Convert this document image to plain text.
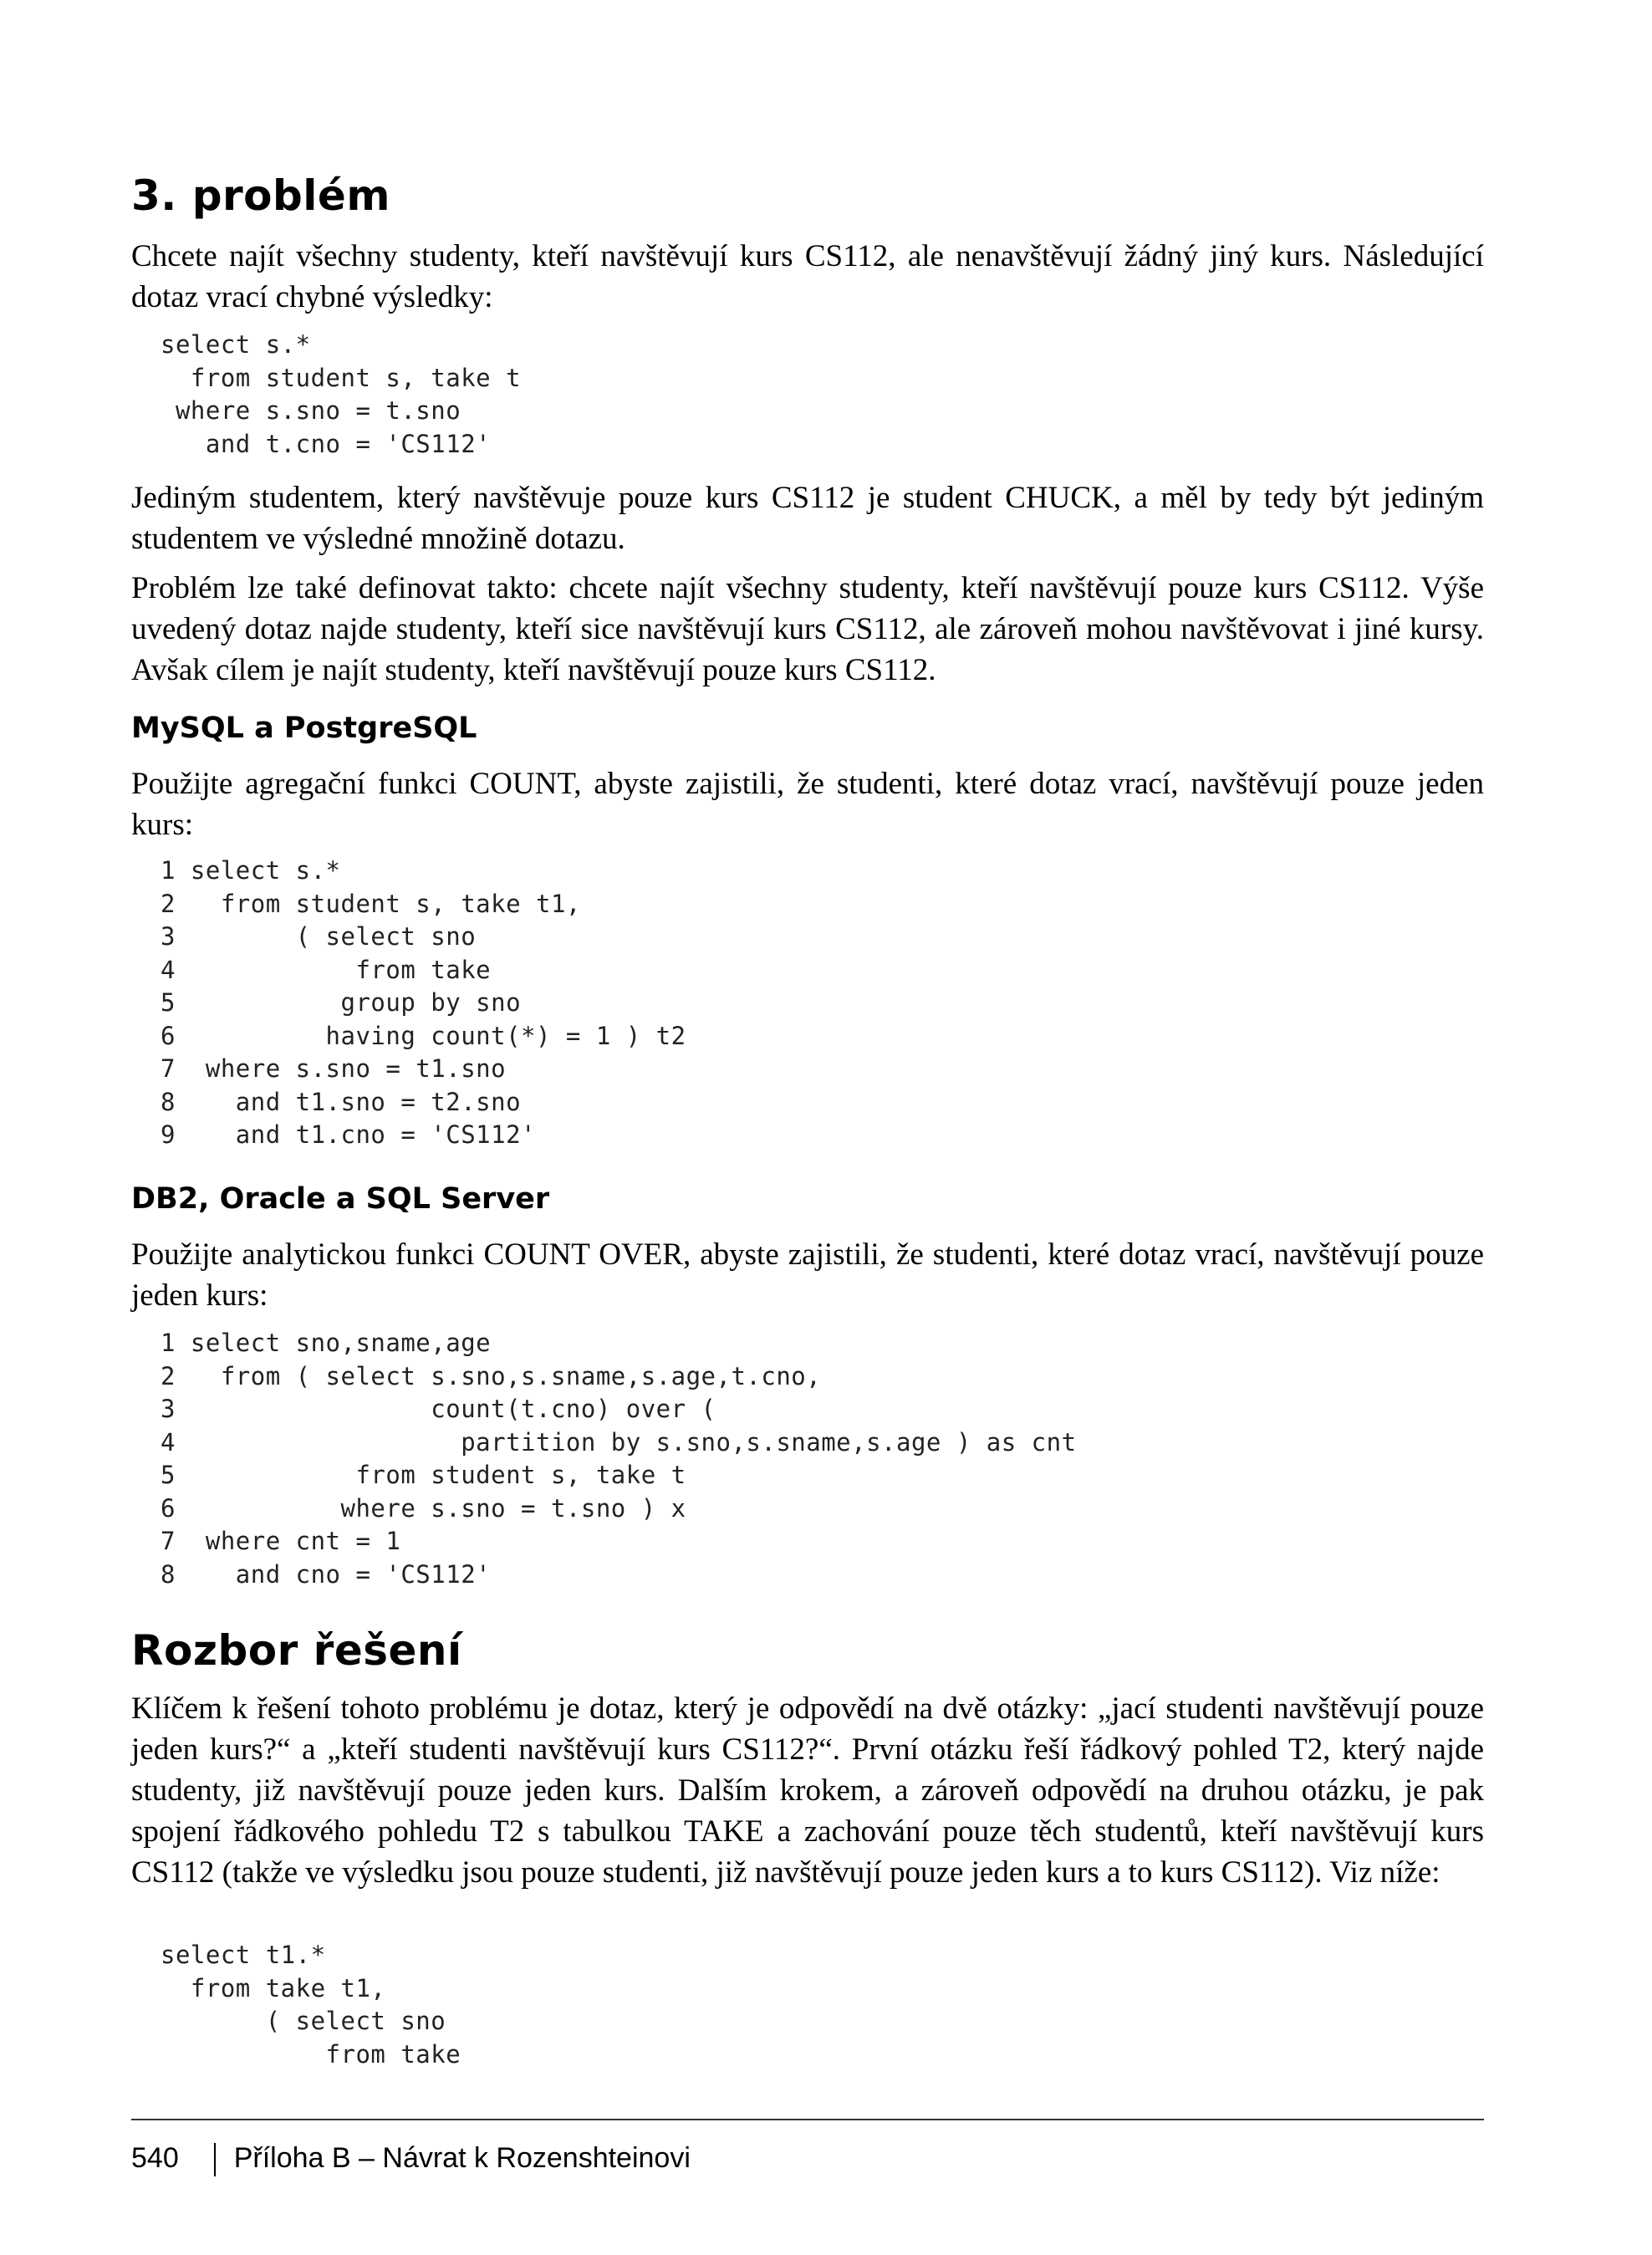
3. problém

Chcete najít všechny studenty, kteří navštěvují kurs CS112, ale nenavštěvují žádný jiný kurs. Následující dotaz vrací chybné výsledky:

select s.*
from student s, take t
where s.sno = t.sno
and t.cno = 'CS112'

Jediným studentem, který navštěvuje pouze kurs CS112 je student CHUCK, a měl by tedy být jediným studentem ve výsledné množině dotazu.

Problém lze také definovat takto: chcete najít všechny studenty, kteří navštěvují pouze kurs CS112. Výše uvedený dotaz najde studenty, kteří sice navštěvují kurs CS112, ale zároveň mohou navštěvovat i jiné kursy. Avšak cílem je najít studenty, kteří navštěvují pouze kurs CS112.

MySQL a PostgreSQL

Použijte agregační funkci COUNT, abyste zajistili, že studenti, které dotaz vrací, navštěvují pouze jeden kurs:

1 select s.*
2   from student s, take t1,
3        ( select sno
4            from take
5           group by sno
6          having count(*) = 1 ) t2
7  where s.sno = t1.sno
8    and t1.sno = t2.sno
9    and t1.cno = 'CS112'
DB2, Oracle a SQL Server

Použijte analytickou funkci COUNT OVER, abyste zajistili, že studenti, které dotaz vrací, navštěvují pouze jeden kurs:

1 select sno,sname,age
2   from ( select s.sno,s.sname,s.age,t.cno,
3                 count(t.cno) over (
4                   partition by s.sno,s.sname,s.age ) as cnt
5            from student s, take t
6           where s.sno = t.sno ) x
7  where cnt = 1
8    and cno = 'CS112'
Rozbor řešení

Klíčem k řešení tohoto problému je dotaz, který je odpovědí na dvě otázky: „jací studenti navštěvují pouze jeden kurs?“ a „kteří studenti navštěvují kurs CS112?“. První otázku řeší řádkový pohled T2, který najde studenty, již navštěvují pouze jeden kurs. Dalším krokem, a zároveň odpovědí na druhou otázku, je pak spojení řádkového pohledu T2 s tabulkou TAKE a zachování pouze těch studentů, kteří navštěvují kurs CS112 (takže ve výsledku jsou pouze studenti, již navštěvují pouze jeden kurs a to kurs CS112). Viz níže:

select t1.*
from take t1,
( select sno
from take
540 Příloha B – Návrat k Rozenshteinovi
